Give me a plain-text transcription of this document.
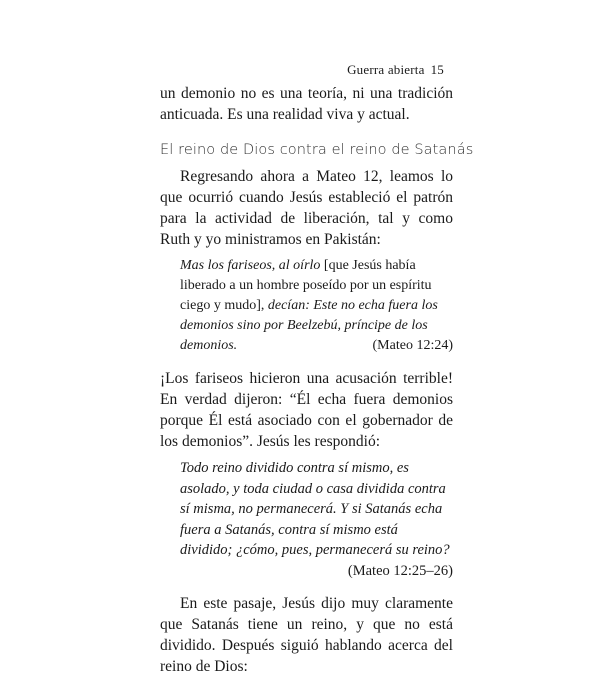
Guerra abierta 15

un demonio no es una teoría, ni una tradición anticuada. Es una realidad viva y actual.

El reino de Dios contra el reino de Satanás

Regresando ahora a Mateo 12, leamos lo que ocurrió cuando Jesús estableció el patrón para la actividad de liberación, tal y como Ruth y yo ministramos en Pakistán:

Mas los fariseos, al oírlo [que Jesús había liberado a un hombre poseído por un espíritu ciego y mudo], decían: Este no echa fuera los demonios sino por Beelzebú, príncipe de los demonios.	(Mateo 12:24)

¡Los fariseos hicieron una acusación terrible! En verdad dijeron: “Él echa fuera demonios porque Él está asociado con el gobernador de los demonios”. Jesús les respondió:

Todo reino dividido contra sí mismo, es asolado, y toda ciudad o casa dividida contra sí misma, no permanecerá. Y si Satanás echa fuera a Satanás, contra sí mismo está dividido; ¿cómo, pues, permanecerá su reino?
(Mateo 12:25–26)

En este pasaje, Jesús dijo muy claramente que Satanás tiene un reino, y que no está dividido. Después siguió hablando acerca del reino de Dios:
